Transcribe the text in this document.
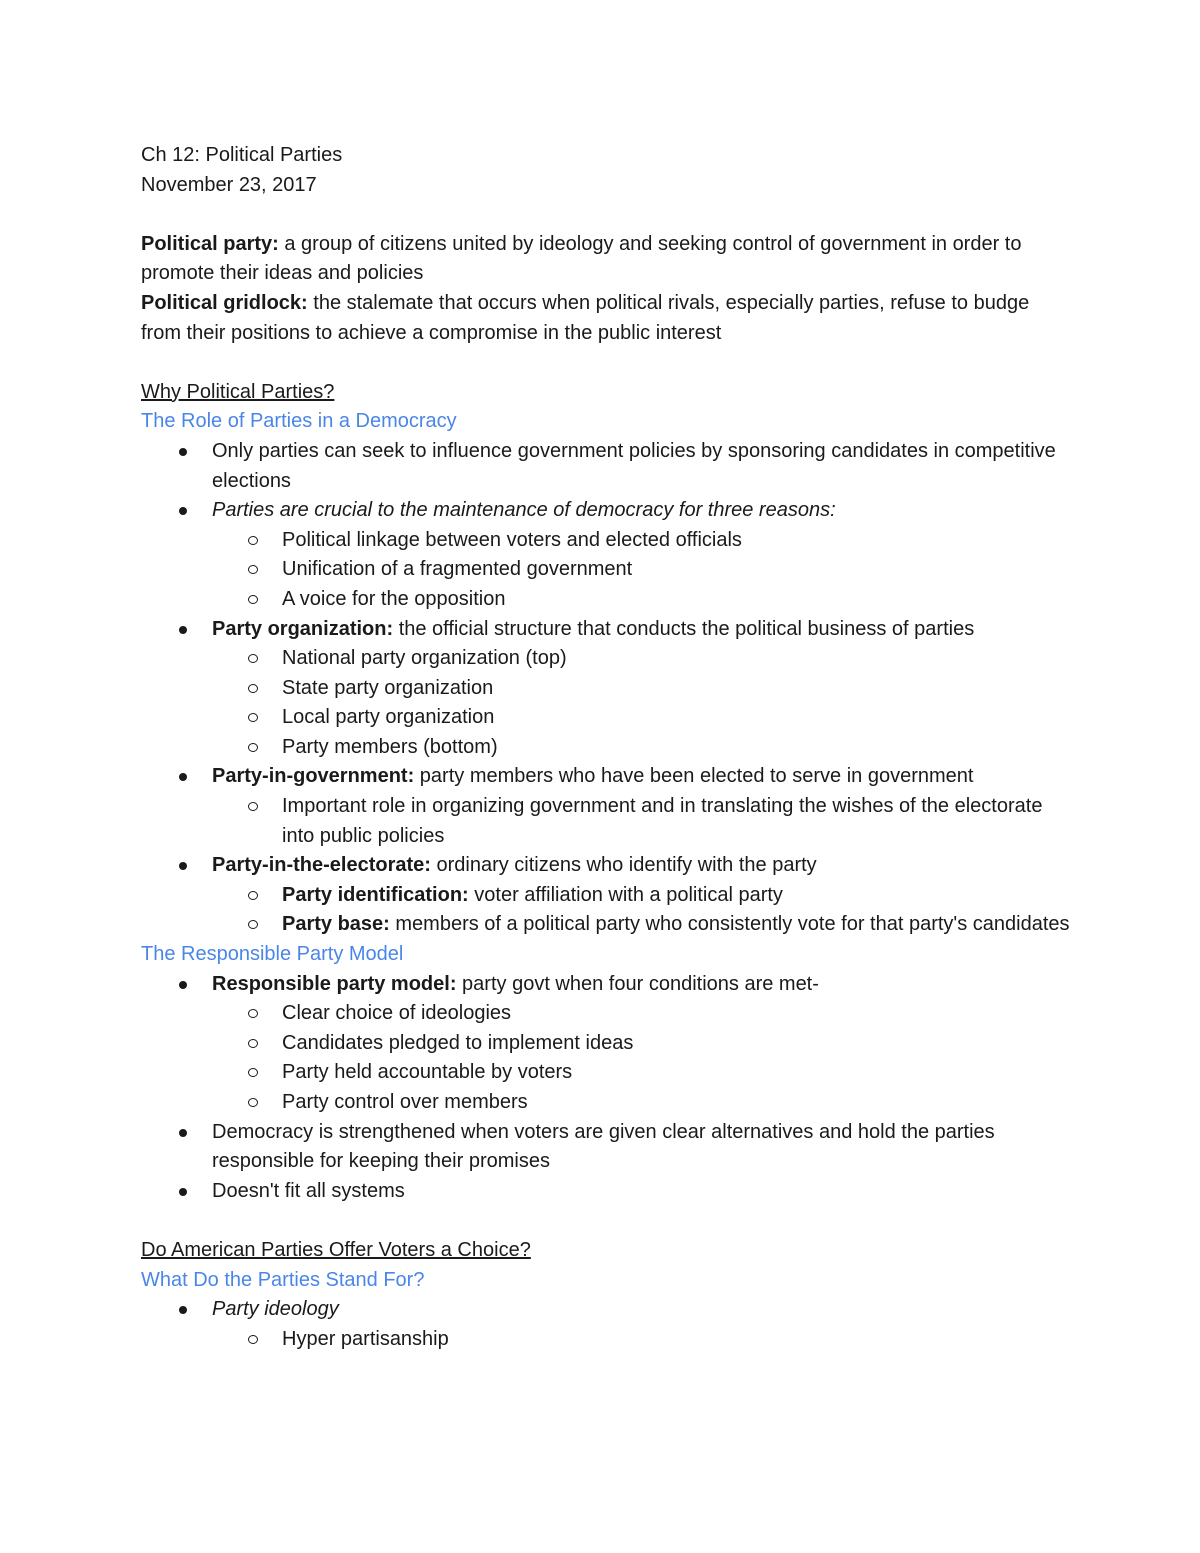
Ch 12: Political Parties
November 23, 2017
Political party: a group of citizens united by ideology and seeking control of government in order to promote their ideas and policies
Political gridlock: the stalemate that occurs when political rivals, especially parties, refuse to budge from their positions to achieve a compromise in the public interest
Why Political Parties?
The Role of Parties in a Democracy
Only parties can seek to influence government policies by sponsoring candidates in competitive elections
Parties are crucial to the maintenance of democracy for three reasons:
Political linkage between voters and elected officials
Unification of a fragmented government
A voice for the opposition
Party organization: the official structure that conducts the political business of parties
National party organization (top)
State party organization
Local party organization
Party members (bottom)
Party-in-government: party members who have been elected to serve in government
Important role in organizing government and in translating the wishes of the electorate into public policies
Party-in-the-electorate: ordinary citizens who identify with the party
Party identification: voter affiliation with a political party
Party base: members of a political party who consistently vote for that party's candidates
The Responsible Party Model
Responsible party model: party govt when four conditions are met-
Clear choice of ideologies
Candidates pledged to implement ideas
Party held accountable by voters
Party control over members
Democracy is strengthened when voters are given clear alternatives and hold the parties responsible for keeping their promises
Doesn't fit all systems
Do American Parties Offer Voters a Choice?
What Do the Parties Stand For?
Party ideology
Hyper partisanship
